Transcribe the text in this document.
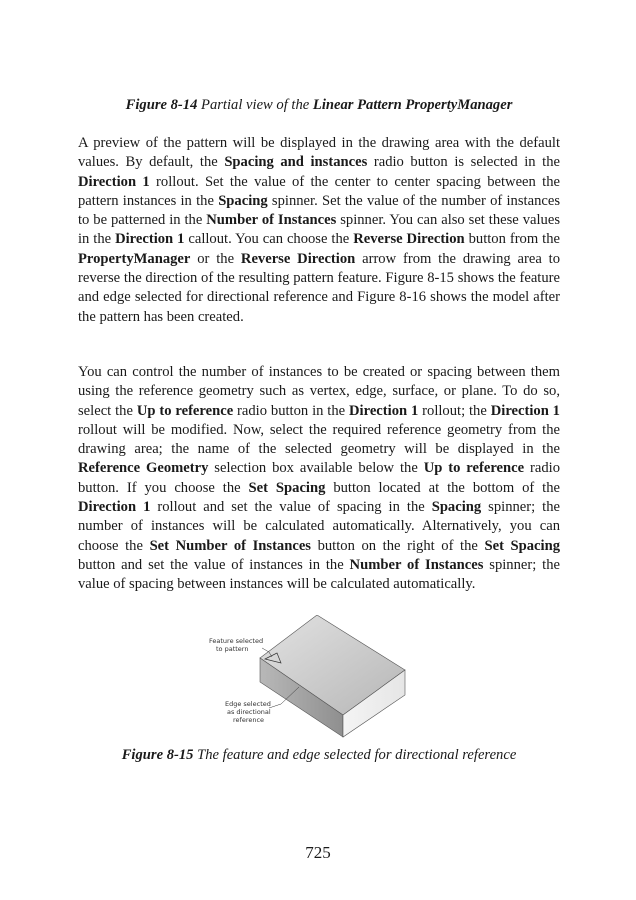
Figure 8-14 Partial view of the Linear Pattern PropertyManager

A preview of the pattern will be displayed in the drawing area with the default values. By default, the Spacing and instances radio button is selected in the Direction 1 rollout. Set the value of the center to center spacing between the pattern instances in the Spacing spinner. Set the value of the number of instances to be patterned in the Number of Instances spinner. You can also set these values in the Direction 1 callout. You can choose the Reverse Direction button from the PropertyManager or the Reverse Direction arrow from the drawing area to reverse the direction of the resulting pattern feature. Figure 8-15 shows the feature and edge selected for directional reference and Figure 8-16 shows the model after the pattern has been created.

You can control the number of instances to be created or spacing between them using the reference geometry such as vertex, edge, surface, or plane. To do so, select the Up to reference radio button in the Direction 1 rollout; the Direction 1 rollout will be modified. Now, select the required reference geometry from the drawing area; the name of the selected geometry will be displayed in the Reference Geometry selection box available below the Up to reference radio button. If you choose the Set Spacing button located at the bottom of the Direction 1 rollout and set the value of spacing in the Spacing spinner; the number of instances will be calculated automatically. Alternatively, you can choose the Set Number of Instances button on the right of the Set Spacing button and set the value of instances in the Number of Instances spinner; the value of spacing between instances will be calculated automatically.

Feature selected
to pattern
Edge selected
as directional
reference
Figure 8-15 The feature and edge selected for directional reference
725
